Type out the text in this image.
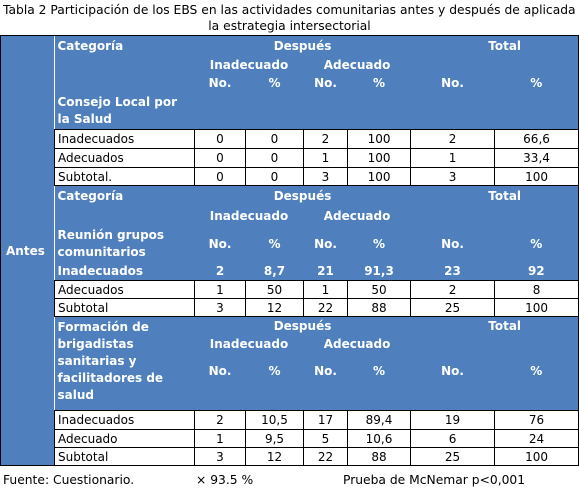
Tabla 2 Participación de los EBS en las actividades comunitarias antes y después de aplicada
la estrategia intersectorial
Antes	Categoría	Después				Total	
		Inadecuado		Adecuado			
		No.	%	No.	%	No.	%
	Consejo Local por la Salud						
	Inadecuados	0	0	2	100	2	66,6
	Adecuados	0	0	1	100	1	33,4
	Subtotal.	0	0	3	100	3	100
	Categoría	Después				Total	
		Inadecuado		Adecuado			
	Reunión grupos comunitarios	No.	%	No.	%	No.	%
	Inadecuados	2	8,7	21	91,3	23	92
	Adecuados	1	50	1	50	2	8
	Subtotal	3	12	22	88	25	100
	Formación de brigadistas sanitarias y facilitadores de salud	Después				Total	
		Inadecuado		Adecuado			
		No.	%	No.	%	No.	%

	Inadecuados	2	10,5	17	89,4	19	76
	Adecuado	1	9,5	5	10,6	6	24
	Subtotal	3	12	22	88	25	100
Fuente: Cuestionario.	× 93.5 %	Prueba de McNemar p<0,001
